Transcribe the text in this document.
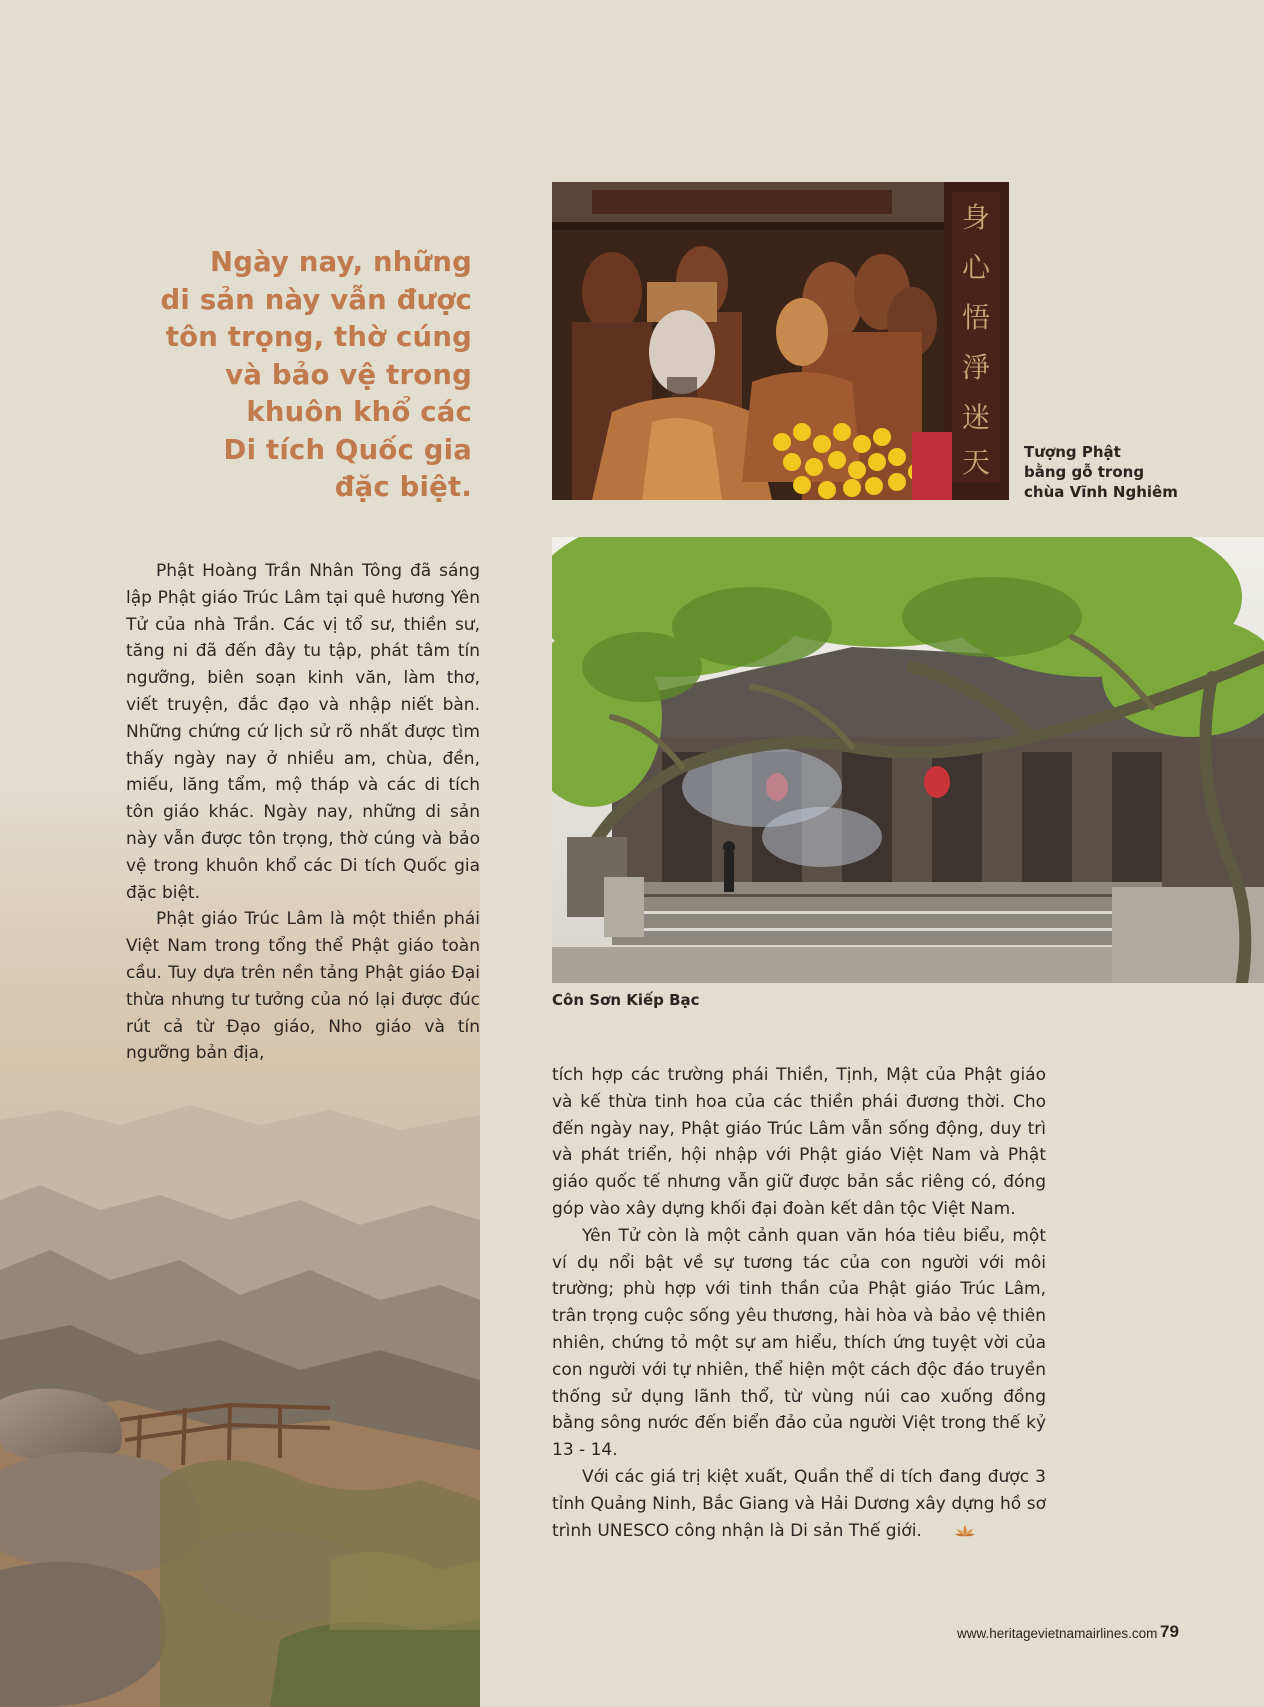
Ngày nay, những
di sản này vẫn được
tôn trọng, thờ cúng
và bảo vệ trong
khuôn khổ các
Di tích Quốc gia
đặc biệt.

Phật Hoàng Trần Nhân Tông đã sáng lập Phật giáo Trúc Lâm tại quê hương Yên Tử của nhà Trần. Các vị tổ sư, thiền sư, tăng ni đã đến đây tu tập, phát tâm tín ngưỡng, biên soạn kinh văn, làm thơ, viết truyện, đắc đạo và nhập niết bàn. Những chứng cứ lịch sử rõ nhất được tìm thấy ngày nay ở nhiều am, chùa, đền, miếu, lăng tẩm, mộ tháp và các di tích tôn giáo khác. Ngày nay, những di sản này vẫn được tôn trọng, thờ cúng và bảo vệ trong khuôn khổ các Di tích Quốc gia đặc biệt.

Phật giáo Trúc Lâm là một thiền phái Việt Nam trong tổng thể Phật giáo toàn cầu. Tuy dựa trên nền tảng Phật giáo Đại thừa nhưng tư tưởng của nó lại được đúc rút cả từ Đạo giáo, Nho giáo và tín ngưỡng bản địa,

身
心
悟
淨
迷
天 Tượng Phật
bằng gỗ trong
chùa Vĩnh Nghiêm
Côn Sơn Kiếp Bạc

tích hợp các trường phái Thiền, Tịnh, Mật của Phật giáo và kế thừa tinh hoa của các thiền phái đương thời. Cho đến ngày nay, Phật giáo Trúc Lâm vẫn sống động, duy trì và phát triển, hội nhập với Phật giáo Việt Nam và Phật giáo quốc tế nhưng vẫn giữ được bản sắc riêng có, đóng góp vào xây dựng khối đại đoàn kết dân tộc Việt Nam.

Yên Tử còn là một cảnh quan văn hóa tiêu biểu, một ví dụ nổi bật về sự tương tác của con người với môi trường; phù hợp với tinh thần của Phật giáo Trúc Lâm, trân trọng cuộc sống yêu thương, hài hòa và bảo vệ thiên nhiên, chứng tỏ một sự am hiểu, thích ứng tuyệt vời của con người với tự nhiên, thể hiện một cách độc đáo truyền thống sử dụng lãnh thổ, từ vùng núi cao xuống đồng bằng sông nước đến biển đảo của người Việt trong thế kỷ 13 - 14.

Với các giá trị kiệt xuất, Quần thể di tích đang được 3 tỉnh Quảng Ninh, Bắc Giang và Hải Dương xây dựng hồ sơ trình UNESCO công nhận là Di sản Thế giới.

www.heritagevietnamairlines.com 79
